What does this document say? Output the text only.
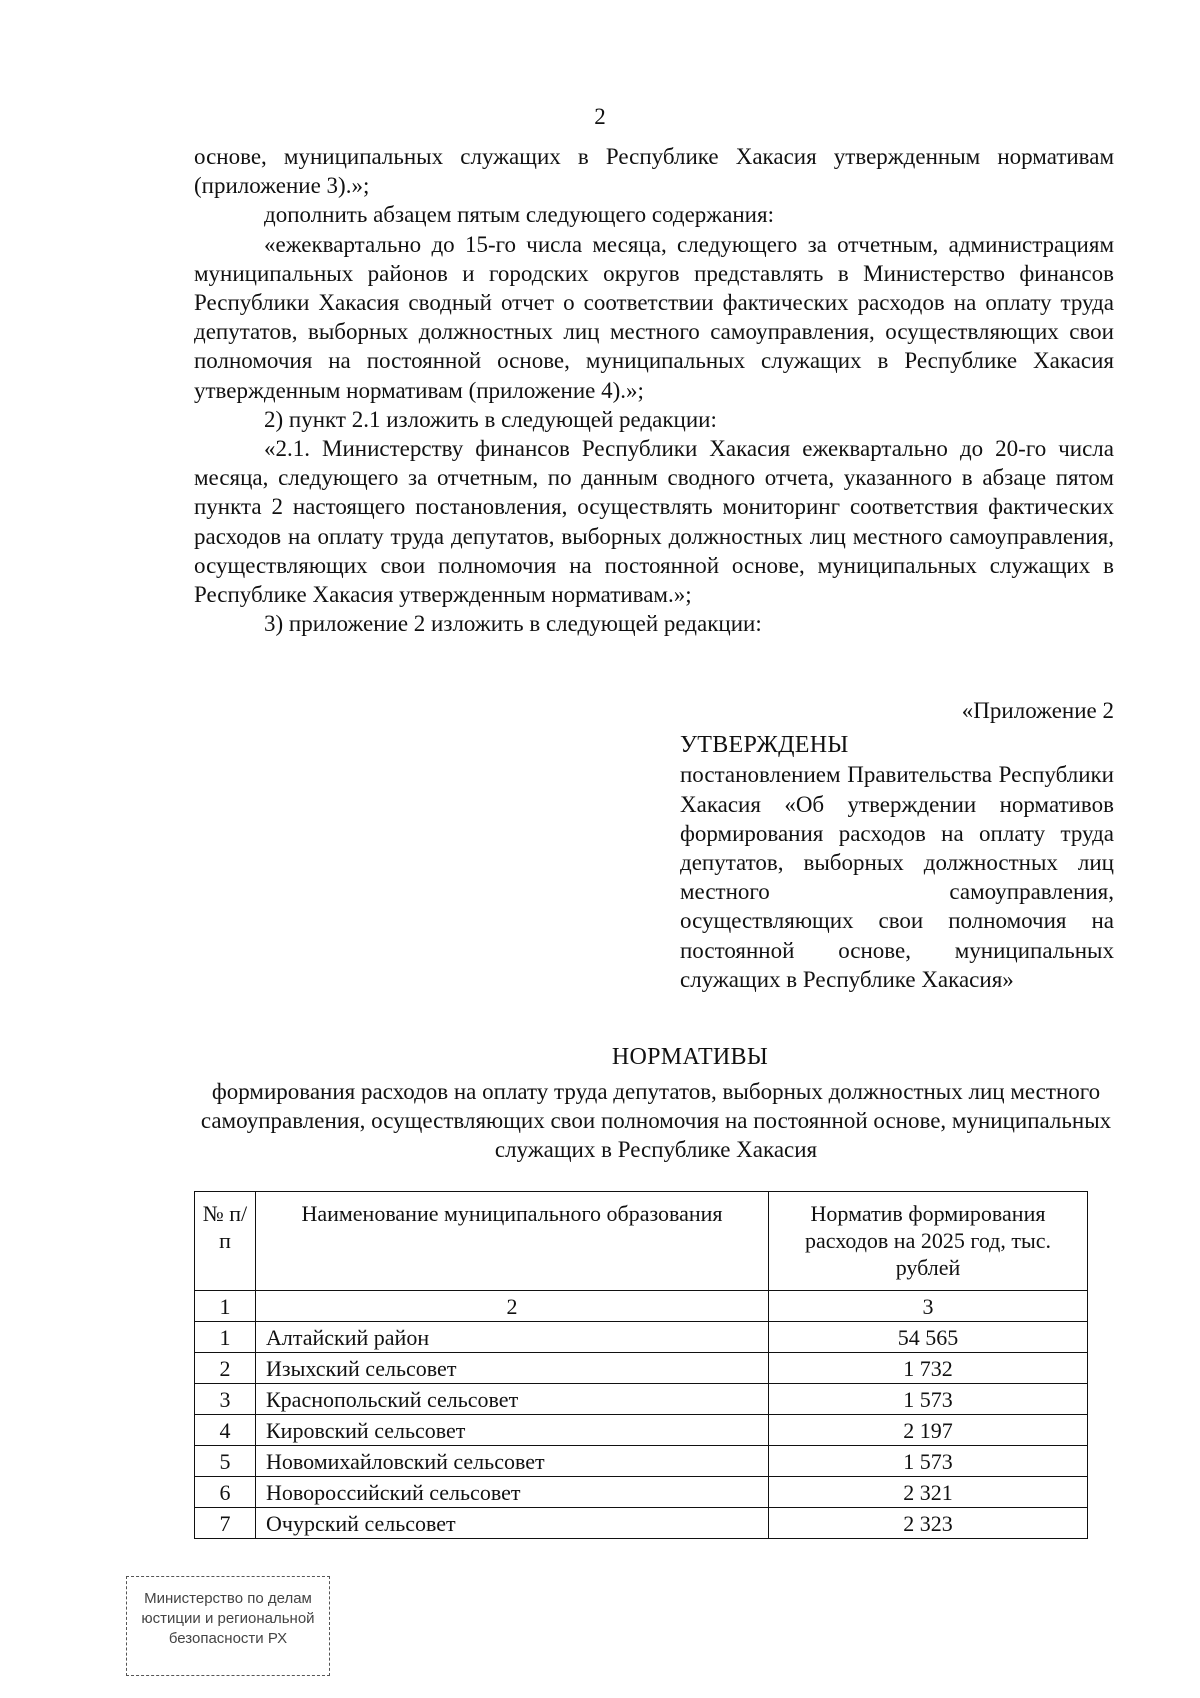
2

основе, муниципальных служащих в Республике Хакасия утвержденным нормативам (приложение 3).»;

дополнить абзацем пятым следующего содержания:

«ежеквартально до 15-го числа месяца, следующего за отчетным, администрациям муниципальных районов и городских округов представлять в Министерство финансов Республики Хакасия сводный отчет о соответствии фактических расходов на оплату труда депутатов, выборных должностных лиц местного самоуправления, осуществляющих свои полномочия на постоянной основе, муниципальных служащих в Республике Хакасия утвержденным нормативам (приложение 4).»;

2) пункт 2.1 изложить в следующей редакции:

«2.1. Министерству финансов Республики Хакасия ежеквартально до 20-го числа месяца, следующего за отчетным, по данным сводного отчета, указанного в абзаце пятом пункта 2 настоящего постановления, осуществлять мониторинг соответствия фактических расходов на оплату труда депутатов, выборных должностных лиц местного самоуправления, осуществляющих свои полномочия на постоянной основе, муниципальных служащих в Республике Хакасия утвержденным нормативам.»;

3) приложение 2 изложить в следующей редакции:

«Приложение 2
УТВЕРЖДЕНЫ
постановлением Правительства Республики Хакасия «Об утверждении нормативов формирования расходов на оплату труда депутатов, выборных должностных лиц местного самоуправления, осуществляющих свои полномочия на постоянной основе, муниципальных служащих в Республике Хакасия»
НОРМАТИВЫ
формирования расходов на оплату труда депутатов, выборных должностных лиц местного самоуправления, осуществляющих свои полномочия на постоянной основе, муниципальных служащих в Республике Хакасия
№ п/п	Наименование муниципального образования	Норматив формирования расходов на 2025 год, тыс. рублей
1	2	3
1	Алтайский район	54 565
2	Изыхский сельсовет	1 732
3	Краснопольский сельсовет	1 573
4	Кировский сельсовет	2 197
5	Новомихайловский сельсовет	1 573
6	Новороссийский сельсовет	2 321
7	Очурский сельсовет	2 323
Министерство по делам
юстиции и региональной
безопасности РХ
